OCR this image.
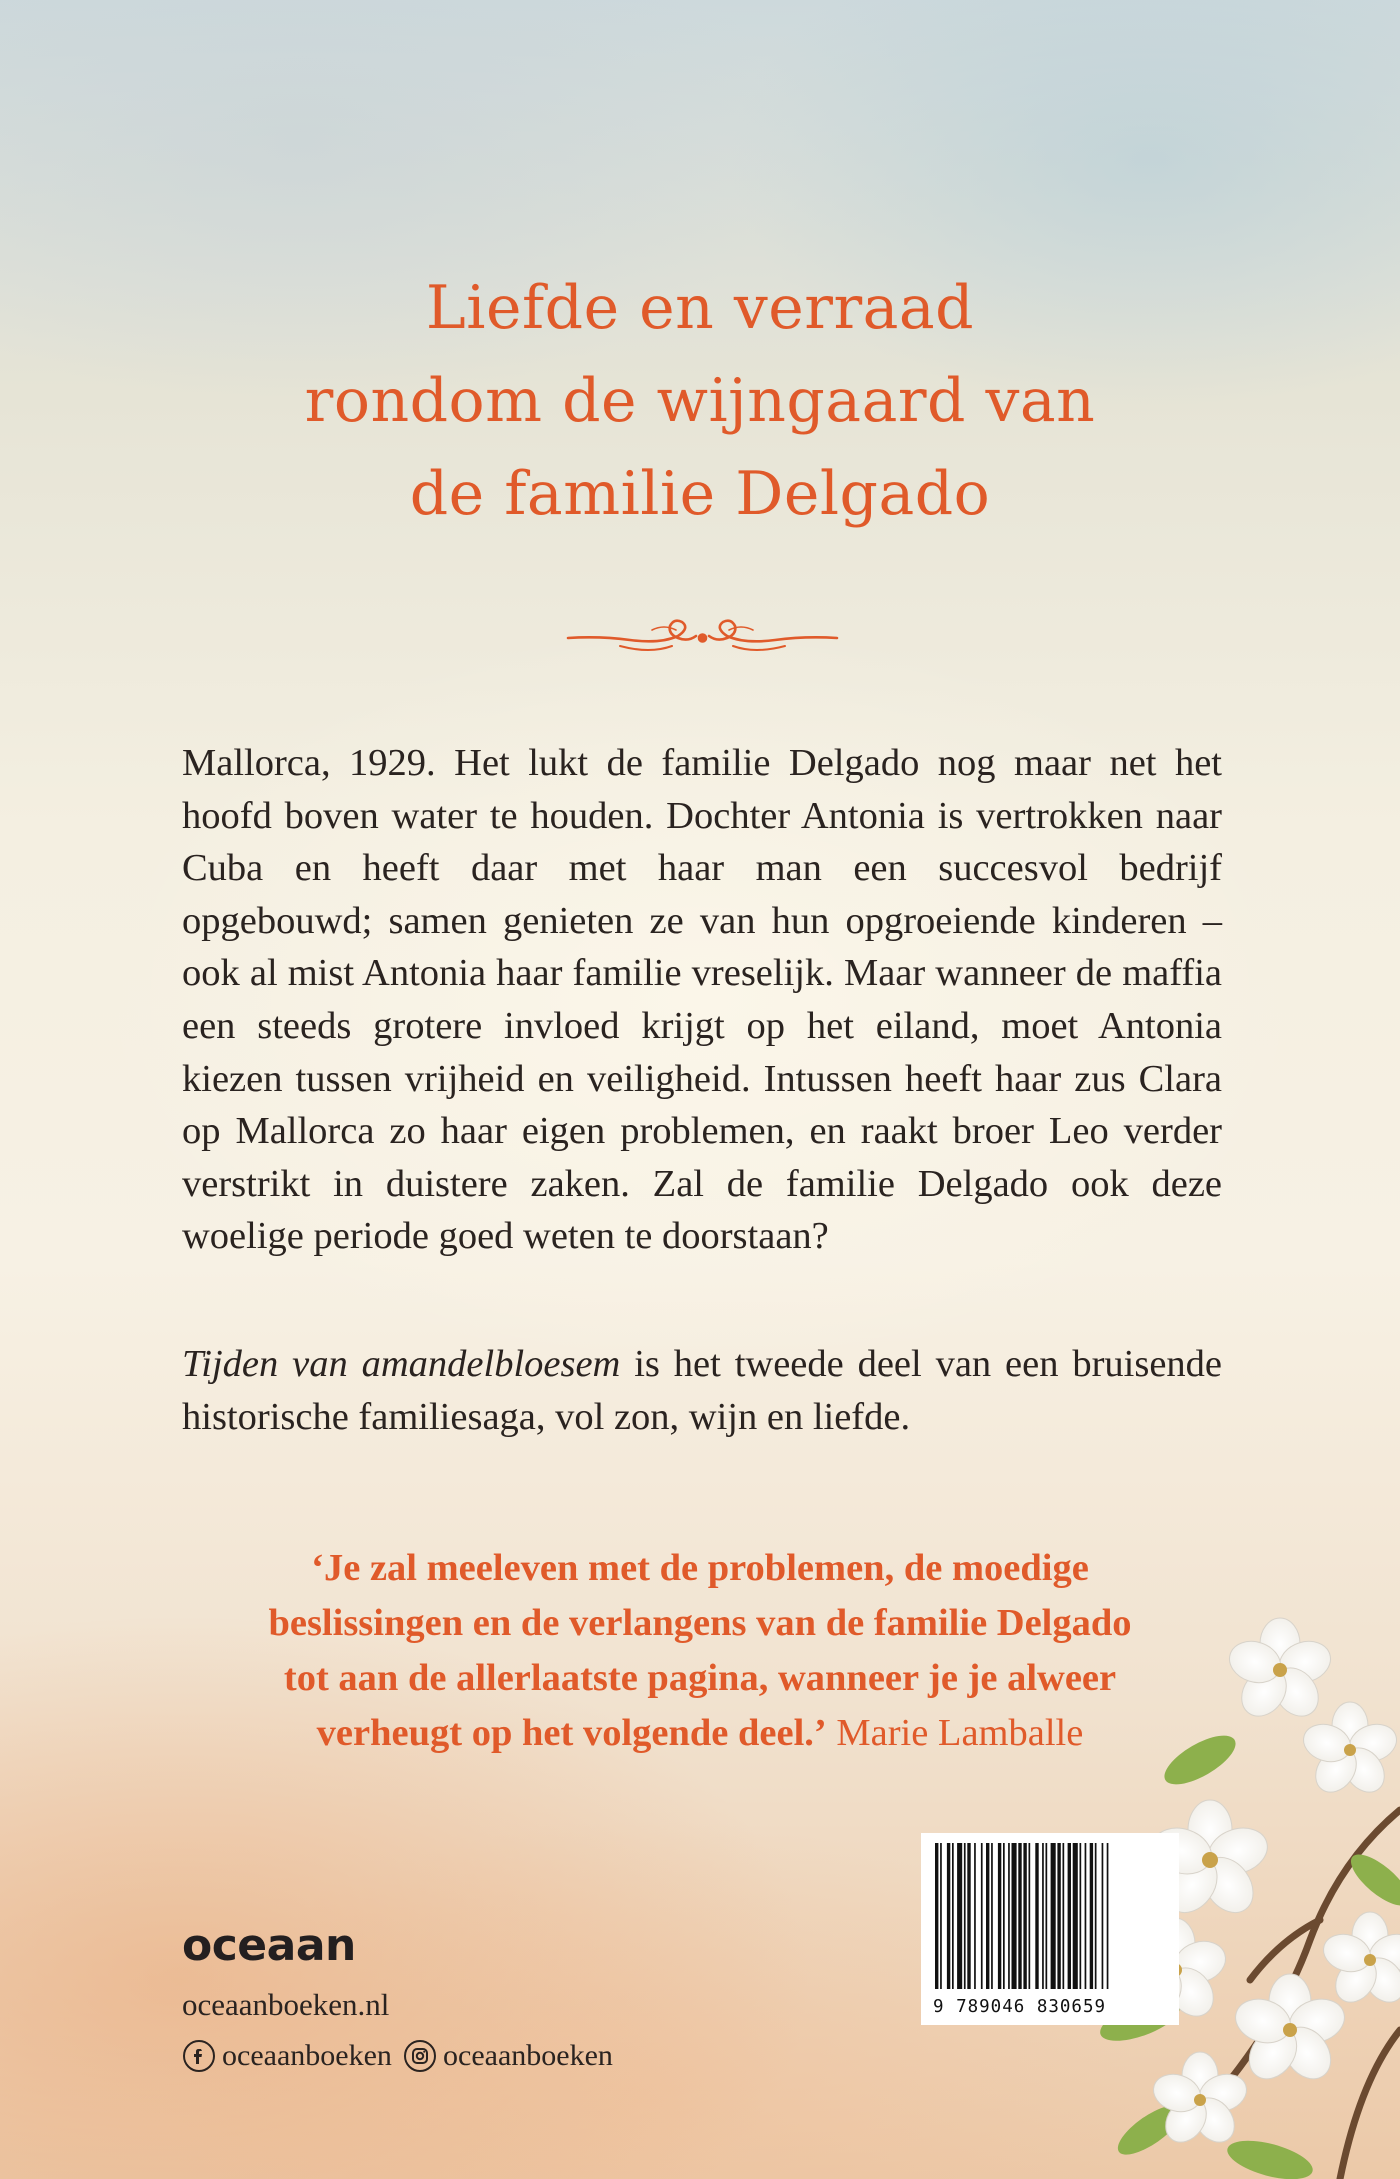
Liefde en verraad
rondom de wijngaard van
de familie Delgado

Mallorca, 1929. Het lukt de familie Delgado nog maar net het hoofd boven water te houden. Dochter Antonia is vertrokken naar Cuba en heeft daar met haar man een succesvol bedrijf opgebouwd; samen genieten ze van hun opgroeiende kinderen – ook al mist Antonia haar familie vreselijk. Maar wanneer de maffia een steeds grotere invloed krijgt op het eiland, moet Antonia kiezen tussen vrijheid en veiligheid. Intussen heeft haar zus Clara op Mallorca zo haar eigen problemen, en raakt broer Leo verder verstrikt in duistere zaken. Zal de familie Delgado ook deze woelige periode goed weten te doorstaan?

Tijden van amandelbloesem is het tweede deel van een bruisende historische familiesaga, vol zon, wijn en liefde.

‘Je zal meeleven met de problemen, de moedige
beslissingen en de verlangens van de familie Delgado
tot aan de allerlaatste pagina, wanneer je je alweer
verheugt op het volgende deel.’ Marie Lamballe
9 789046 830659
oceaan
oceaanboeken.nl
oceaanboeken oceaanboeken
